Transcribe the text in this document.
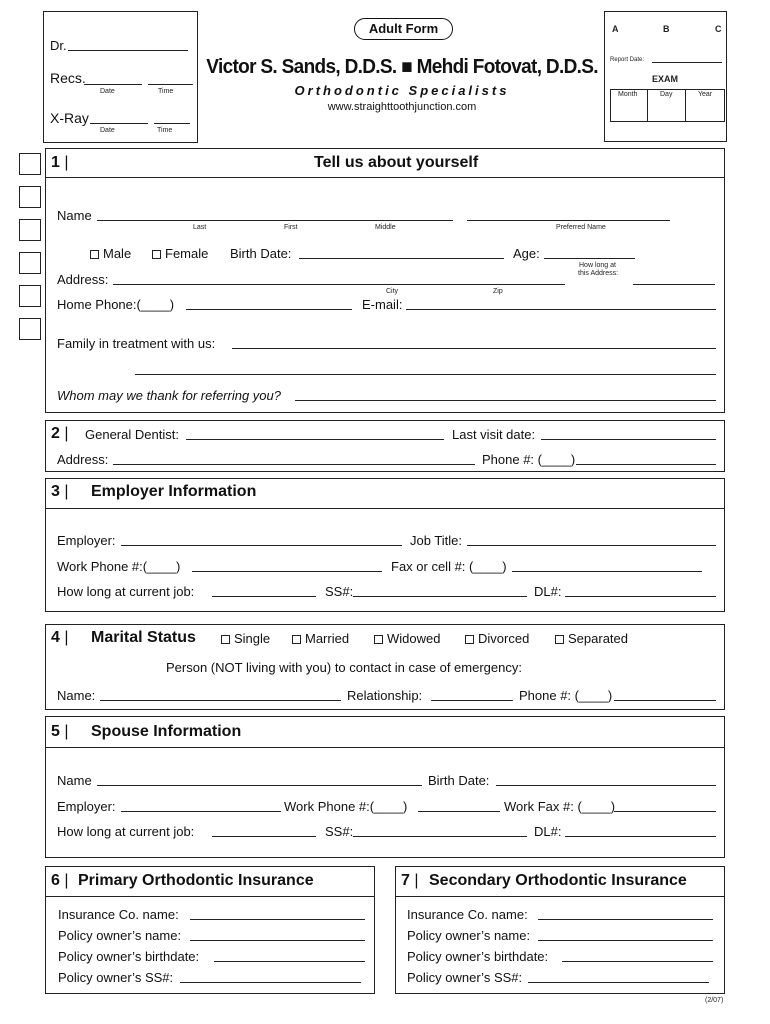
Dr.
Recs.
Date	Time
X-Ray
Date	Time
Adult Form
Victor S. Sands, D.D.S. ■ Mehdi Fotovat, D.D.S.
Orthodontic Specialists
www.straighttoothjunction.com
A	B	C
Report Date:
EXAM
Month	Day	Year
1 |	Tell us about yourself
Name
Last	First	Middle	Preferred Name
Male	Female Birth Date:	Age:
How long at
this Address:
Address:
City	Zip
Home Phone:(____)	E-mail:
Family in treatment with us:
Whom may we thank for referring you?
2 | General Dentist:	Last visit date:
Address:	Phone #: (____)
3 | Employer Information
Employer:	Job Title:
Work Phone #:(____)	Fax or cell #: (____)
How long at current job:	SS#:	DL#:
4 | Marital Status	Single	Married	Widowed	Divorced	Separated
Person (NOT living with you) to contact in case of emergency:
Name:	Relationship:	Phone #: (____)
5 | Spouse Information
Name	Birth Date:
Employer:	Work Phone #:(____)	Work Fax #: (____)
How long at current job:	SS#:	DL#:
6 | Primary Orthodontic Insurance
Insurance Co. name:
Policy owner’s name:
Policy owner’s birthdate:
Policy owner’s SS#:
7 | Secondary Orthodontic Insurance
Insurance Co. name:
Policy owner’s name:
Policy owner’s birthdate:
Policy owner’s SS#:
(2/07)
